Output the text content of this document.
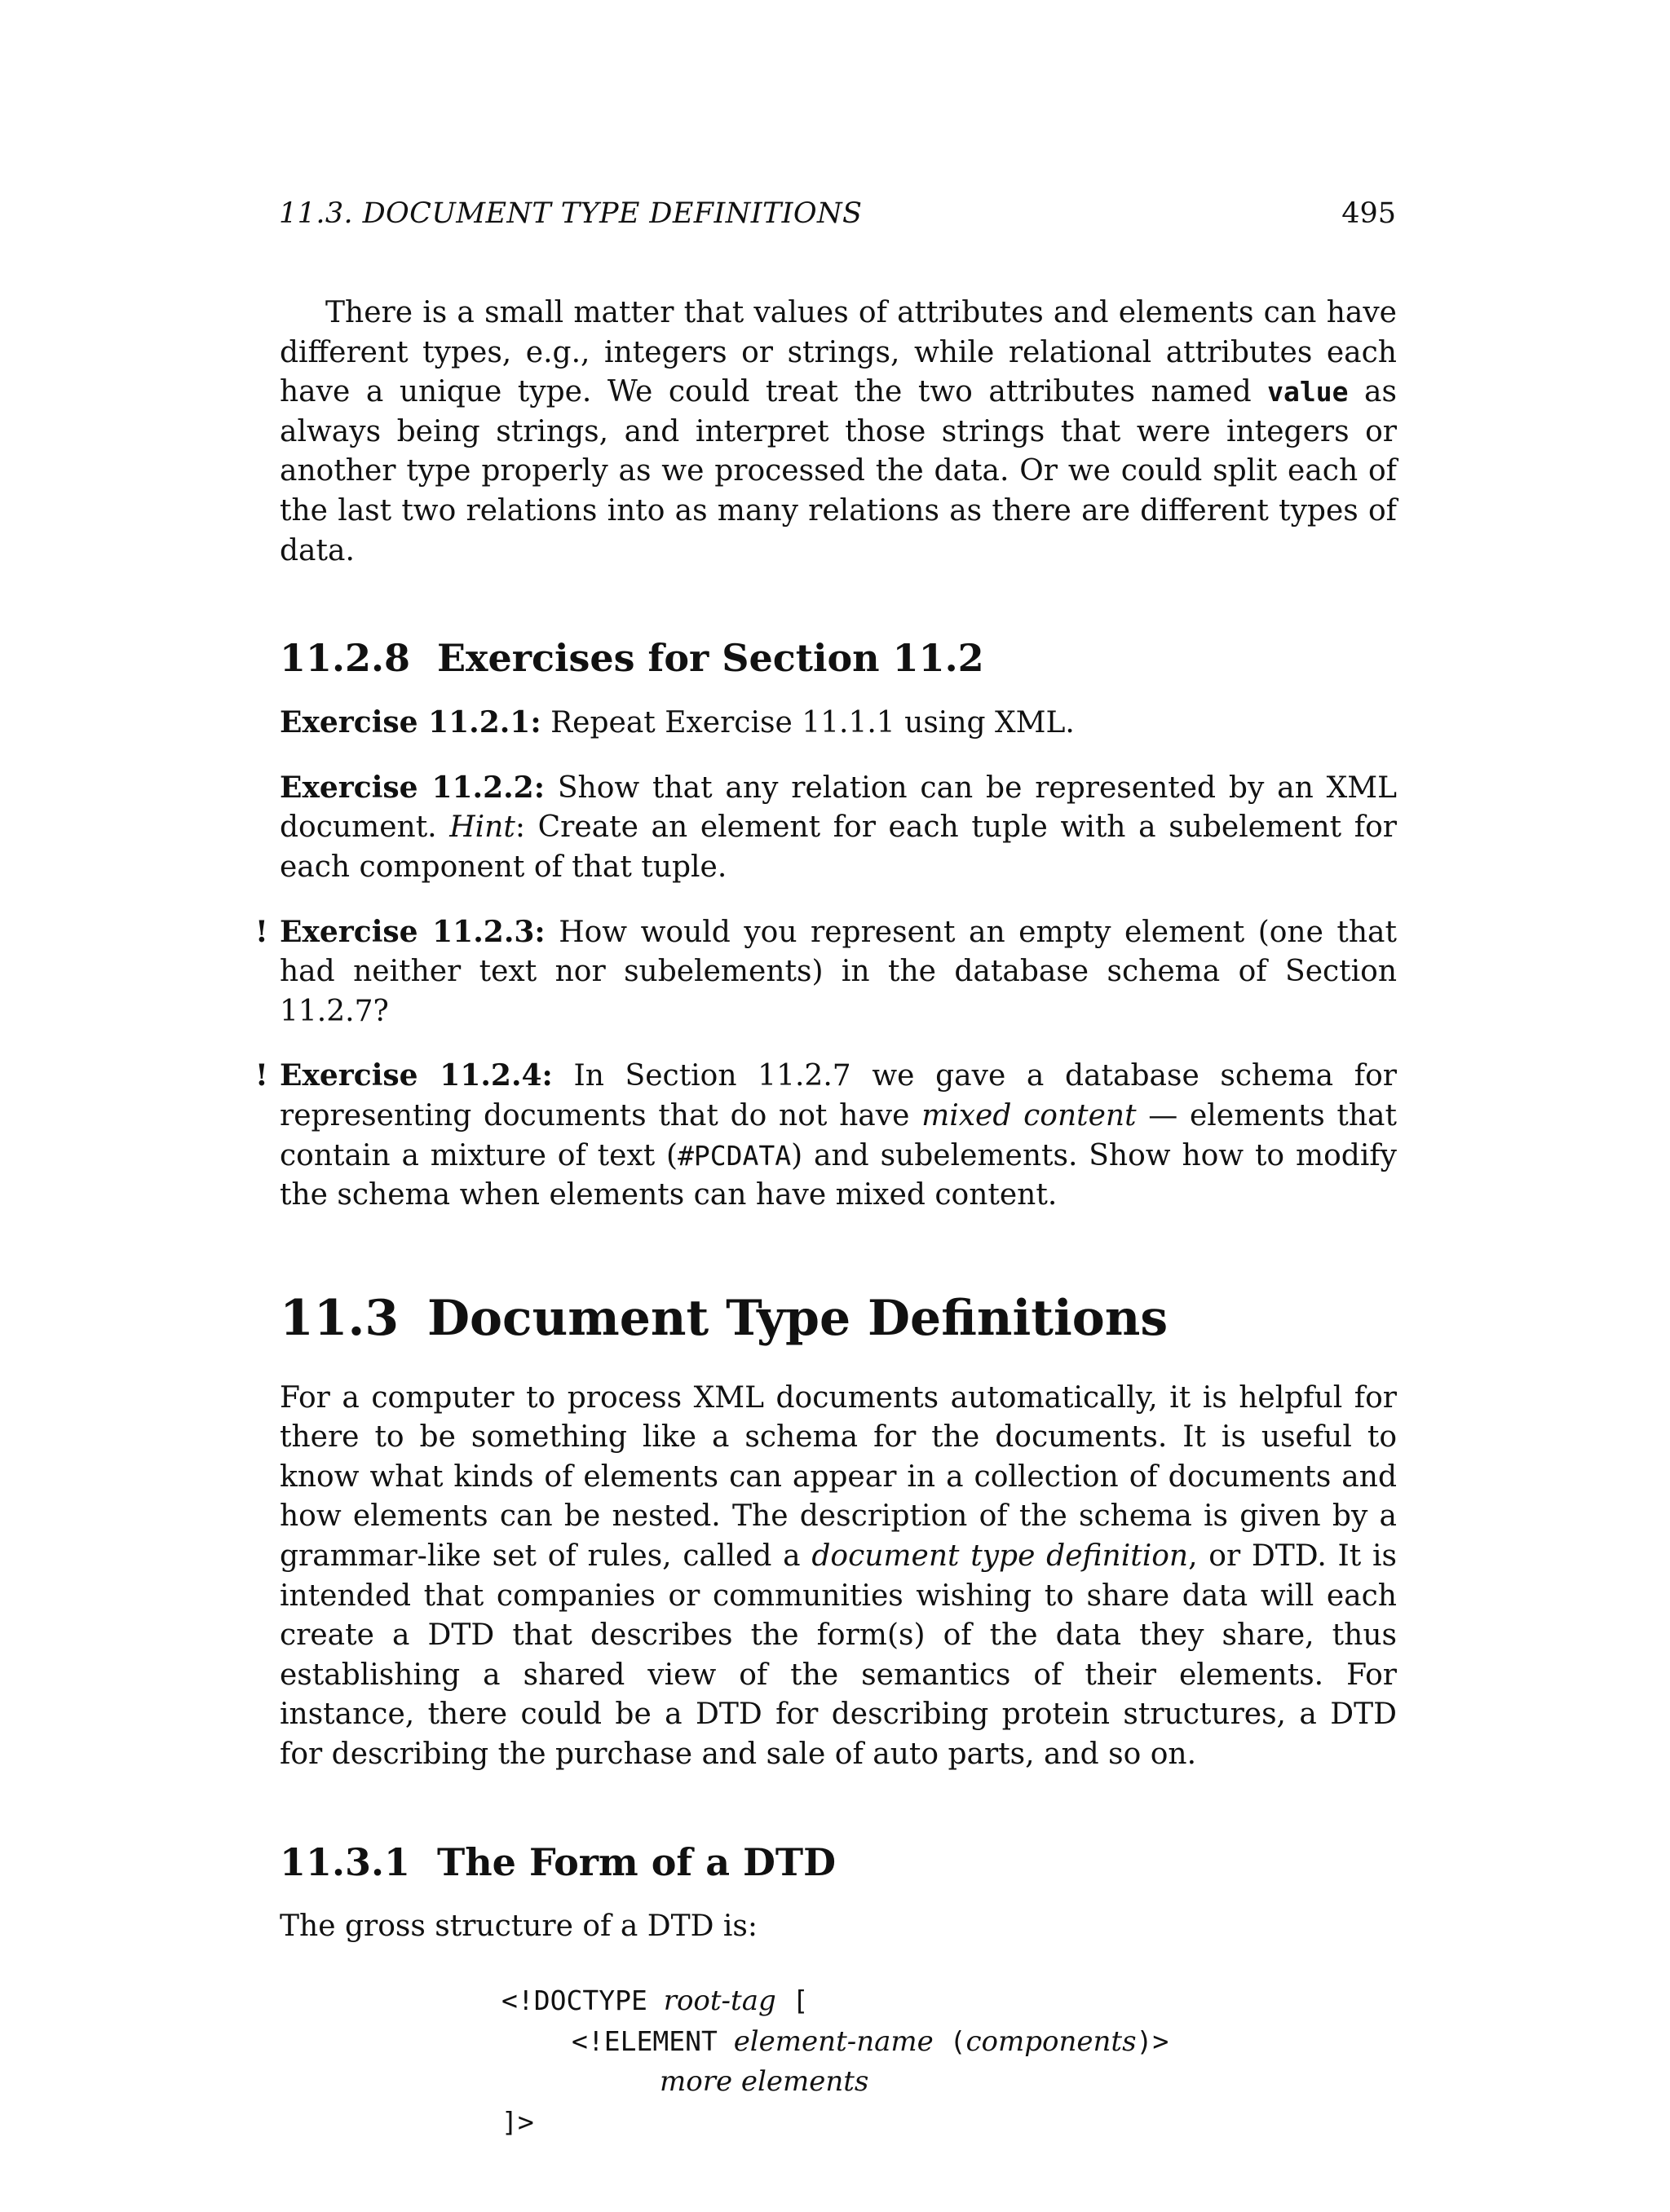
11.3. DOCUMENT TYPE DEFINITIONS	495

There is a small matter that values of attributes and elements can have different types, e.g., integers or strings, while relational attributes each have a unique type. We could treat the two attributes named value as always being strings, and interpret those strings that were integers or another type properly as we processed the data. Or we could split each of the last two relations into as many relations as there are different types of data.

11.2.8 Exercises for Section 11.2

Exercise 11.2.1: Repeat Exercise 11.1.1 using XML.

Exercise 11.2.2: Show that any relation can be represented by an XML document. Hint: Create an element for each tuple with a subelement for each component of that tuple.

! Exercise 11.2.3: How would you represent an empty element (one that had neither text nor subelements) in the database schema of Section 11.2.7?

! Exercise 11.2.4: In Section 11.2.7 we gave a database schema for representing documents that do not have mixed content — elements that contain a mixture of text (#PCDATA) and subelements. Show how to modify the schema when elements can have mixed content.

11.3 Document Type Definitions

For a computer to process XML documents automatically, it is helpful for there to be something like a schema for the documents. It is useful to know what kinds of elements can appear in a collection of documents and how elements can be nested. The description of the schema is given by a grammar-like set of rules, called a document type definition, or DTD. It is intended that companies or communities wishing to share data will each create a DTD that describes the form(s) of the data they share, thus establishing a shared view of the semantics of their elements. For instance, there could be a DTD for describing protein structures, a DTD for describing the purchase and sale of auto parts, and so on.

11.3.1 The Form of a DTD

The gross structure of a DTD is:

<!DOCTYPE root-tag [
<!ELEMENT element-name (components)>
more elements
]>
